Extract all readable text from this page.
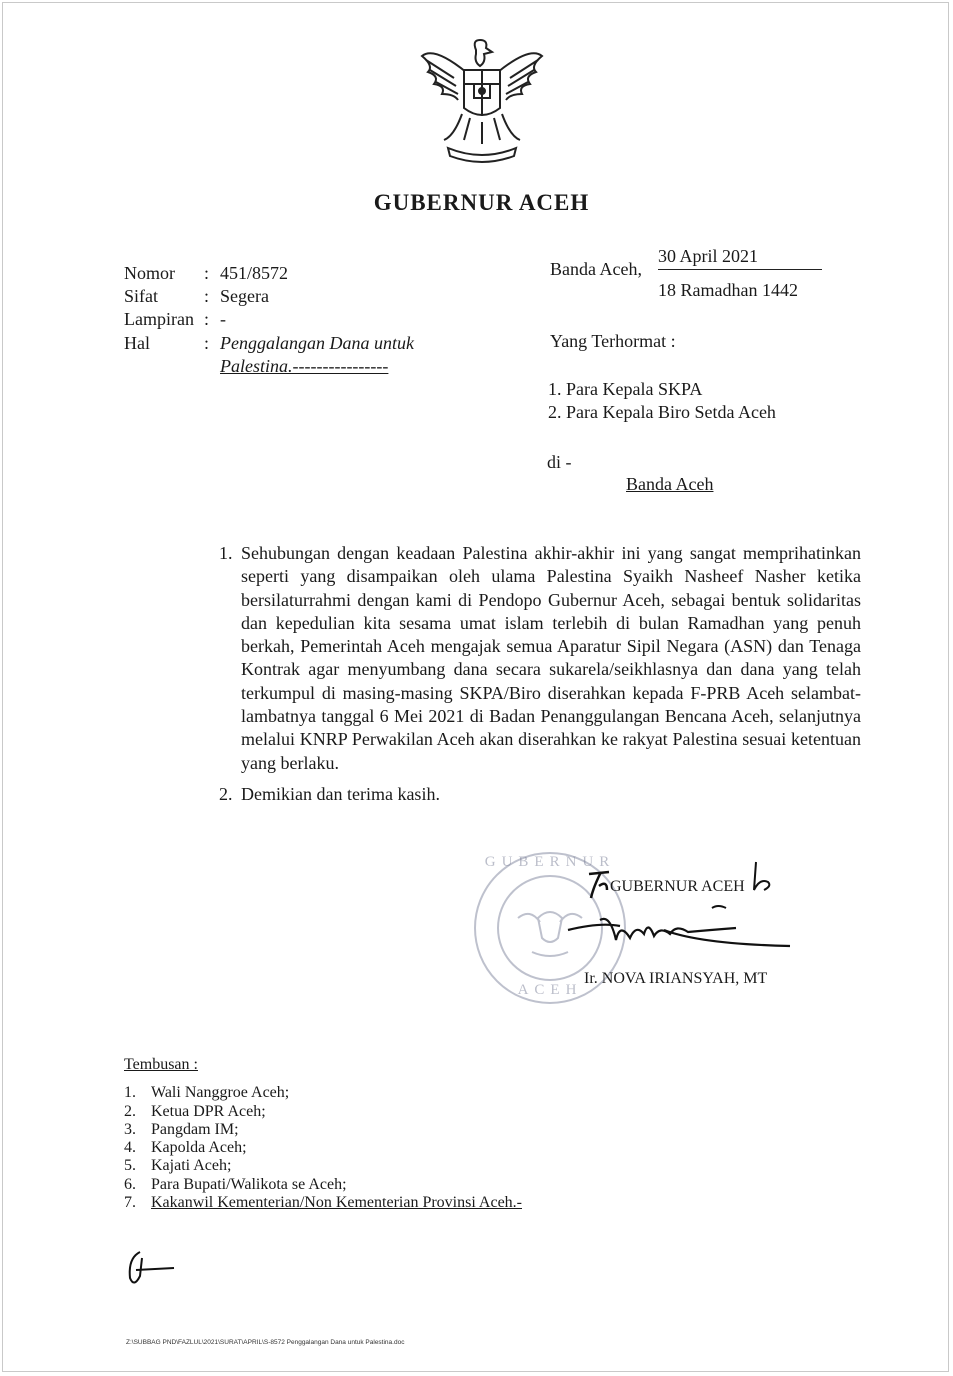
GUBERNUR ACEH
Nomor : 451/8572
Sifat	: Segera
Lampiran : -
Hal	: Penggalangan Dana untuk
Palestina.----------------
Banda Aceh,
30 April 2021
18 Ramadhan 1442
Yang Terhormat :
1. Para Kepala SKPA
2. Para Kepala Biro Setda Aceh
di -
Banda Aceh
1. Sehubungan dengan keadaan Palestina akhir-akhir ini yang sangat memprihatinkan seperti yang disampaikan oleh ulama Palestina Syaikh Nasheef Nasher ketika bersilaturrahmi dengan kami di Pendopo Gubernur Aceh, sebagai bentuk solidaritas dan kepedulian kita sesama umat islam terlebih di bulan Ramadhan yang penuh berkah, Pemerintah Aceh mengajak semua Aparatur Sipil Negara (ASN) dan Tenaga Kontrak agar menyumbang dana secara sukarela/seikhlasnya dan dana yang telah terkumpul di masing-masing SKPA/Biro diserahkan kepada F-PRB Aceh selambat-lambatnya tanggal 6 Mei 2021 di Badan Penanggulangan Bencana Aceh, selanjutnya melalui KNRP Perwakilan Aceh akan diserahkan ke rakyat Palestina sesuai ketentuan yang berlaku.
2. Demikian dan terima kasih.
GUBERNUR
ACEH
GUBERNUR ACEH
Ir. NOVA IRIANSYAH, MT
Tembusan :
1. Wali Nanggroe Aceh;
2. Ketua DPR Aceh;
3. Pangdam IM;
4. Kapolda Aceh;
5. Kajati Aceh;
6. Para Bupati/Walikota se Aceh;
7. Kakanwil Kementerian/Non Kementerian Provinsi Aceh.-
Z:\SUBBAG PND\FAZLUL\2021\SURAT\APRIL\S-8572 Penggalangan Dana untuk Palestina.doc
